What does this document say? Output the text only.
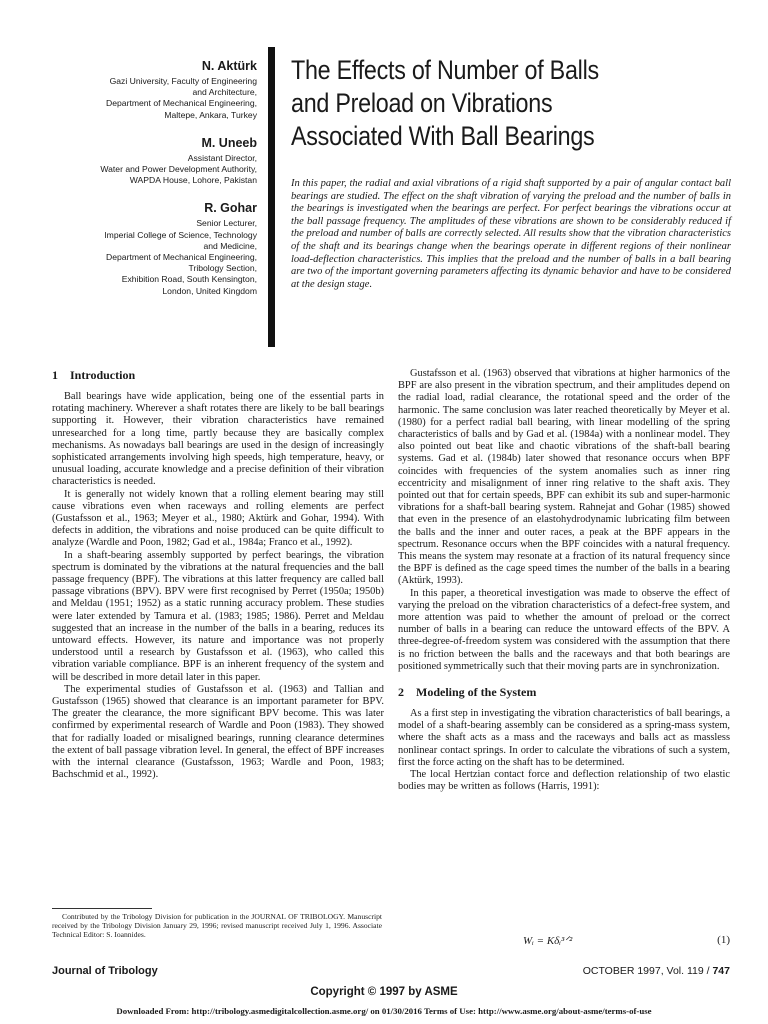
N. Aktürk
Gazi University, Faculty of Engineering
and Architecture,
Department of Mechanical Engineering,
Maltepe, Ankara, Turkey
M. Uneeb
Assistant Director,
Water and Power Development Authority,
WAPDA House, Lohore, Pakistan
R. Gohar
Senior Lecturer,
Imperial College of Science, Technology
and Medicine,
Department of Mechanical Engineering,
Tribology Section,
Exhibition Road, South Kensington,
London, United Kingdom
The Effects of Number of Balls
and Preload on Vibrations
Associated With Ball Bearings

In this paper, the radial and axial vibrations of a rigid shaft supported by a pair of angular contact ball bearings are studied. The effect on the shaft vibration of varying the preload and the number of balls in the bearings is investigated when the bearings are perfect. For perfect bearings the vibrations occur at the ball passage frequency. The amplitudes of these vibrations are shown to be considerably reduced if the preload and number of balls are correctly selected. All results show that the vibration characteristics of the shaft and its bearings change when the bearings operate in different regions of their nonlinear load-deflection characteristics. This implies that the preload and the number of balls in a ball bearing are two of the important governing parameters affecting its dynamic behavior and have to be considered at the design stage.

1 Introduction

Ball bearings have wide application, being one of the essential parts in rotating machinery. Wherever a shaft rotates there are likely to be ball bearings supporting it. However, their vibration characteristics have remained unresearched for a long time, partly because they are basically complex mechanisms. As nowadays ball bearings are used in the design of increasingly sophisticated arrangements involving high speeds, high temperature, heavy, or unusual loading, accurate knowledge and a precise definition of their vibration characteristics is needed.

It is generally not widely known that a rolling element bearing may still cause vibrations even when raceways and rolling elements are perfect (Gustafsson et al., 1963; Meyer et al., 1980; Aktürk and Gohar, 1994). With defects in addition, the vibrations and noise produced can be quite difficult to analyze (Wardle and Poon, 1982; Gad et al., 1984a; Franco et al., 1992).

In a shaft-bearing assembly supported by perfect bearings, the vibration spectrum is dominated by the vibrations at the natural frequencies and the ball passage frequency (BPF). The vibrations at this latter frequency are called ball passage vibrations (BPV). BPV were first recognised by Perret (1950a; 1950b) and Meldau (1951; 1952) as a static running accuracy problem. These studies were later extended by Tamura et al. (1983; 1985; 1986). Perret and Meldau suggested that an increase in the number of the balls in a bearing, reduces its untoward effects. However, its nature and importance was not properly understood until a research by Gustafsson et al. (1963), who called this vibration variable compliance. BPF is an inherent frequency of the system and will be described in more detail later in this paper.

The experimental studies of Gustafsson et al. (1963) and Tallian and Gustafsson (1965) showed that clearance is an important parameter for BPV. The greater the clearance, the more significant BPV become. This was later confirmed by experimental research of Wardle and Poon (1983). They showed that for radially loaded or misaligned bearings, running clearance determines the extent of ball passage vibration level. In general, the effect of BPF increases with the internal clearance (Gustafsson, 1963; Wardle and Poon, 1983; Bachschmid et al., 1992).

Gustafsson et al. (1963) observed that vibrations at higher harmonics of the BPF are also present in the vibration spectrum, and their amplitudes depend on the radial load, radial clearance, the rotational speed and the order of the harmonic. The same conclusion was later reached theoretically by Meyer et al. (1980) for a perfect radial ball bearing, with linear modelling of the spring characteristics of balls and by Gad et al. (1984a) with a nonlinear model. They also pointed out beat like and chaotic vibrations of the shaft-ball bearing systems. Gad et al. (1984b) later showed that resonance occurs when BPF coincides with frequencies of the system anomalies such as inner ring eccentricity and misalignment of inner ring relative to the shaft axis. They pointed out that for certain speeds, BPF can exhibit its sub and super-harmonic vibrations for a shaft-ball bearing system. Rahnejat and Gohar (1985) showed that even in the presence of an elastohydrodynamic lubricating film between the balls and the inner and outer races, a peak at the BPF appears in the spectrum. Resonance occurs when the BPF coincides with a natural frequency. This means the system may resonate at a fraction of its natural frequency since the BPF is defined as the cage speed times the number of the balls in a bearing (Aktürk, 1993).

In this paper, a theoretical investigation was made to observe the effect of varying the preload on the vibration characteristics of a defect-free system, and more attention was paid to whether the amount of preload or the correct number of balls in a bearing can reduce the untoward effects of the BPV. A three-degree-of-freedom system was considered with the assumption that there is no friction between the balls and the raceways and that both bearings are positioned symmetrically such that their moving parts are in synchronization.

2 Modeling of the System

As a first step in investigating the vibration characteristics of ball bearings, a model of a shaft-bearing assembly can be considered as a spring-mass system, where the shaft acts as a mass and the raceways and balls act as massless nonlinear contact springs. In order to calculate the vibrations of such a system, first the force acting on the shaft has to be determined.

The local Hertzian contact force and deflection relationship of two elastic bodies may be written as follows (Harris, 1991):

Wᵢ = Kδᵢ³ᐟ²	(1)

Contributed by the Tribology Division for publication in the JOURNAL OF TRIBOLOGY. Manuscript received by the Tribology Division January 29, 1996; revised manuscript received July 1, 1996. Associate Technical Editor: S. Ioannides.

Journal of Tribology	OCTOBER 1997, Vol. 119 / 747
Copyright © 1997 by ASME
Downloaded From: http://tribology.asmedigitalcollection.asme.org/ on 01/30/2016 Terms of Use: http://www.asme.org/about-asme/terms-of-use
